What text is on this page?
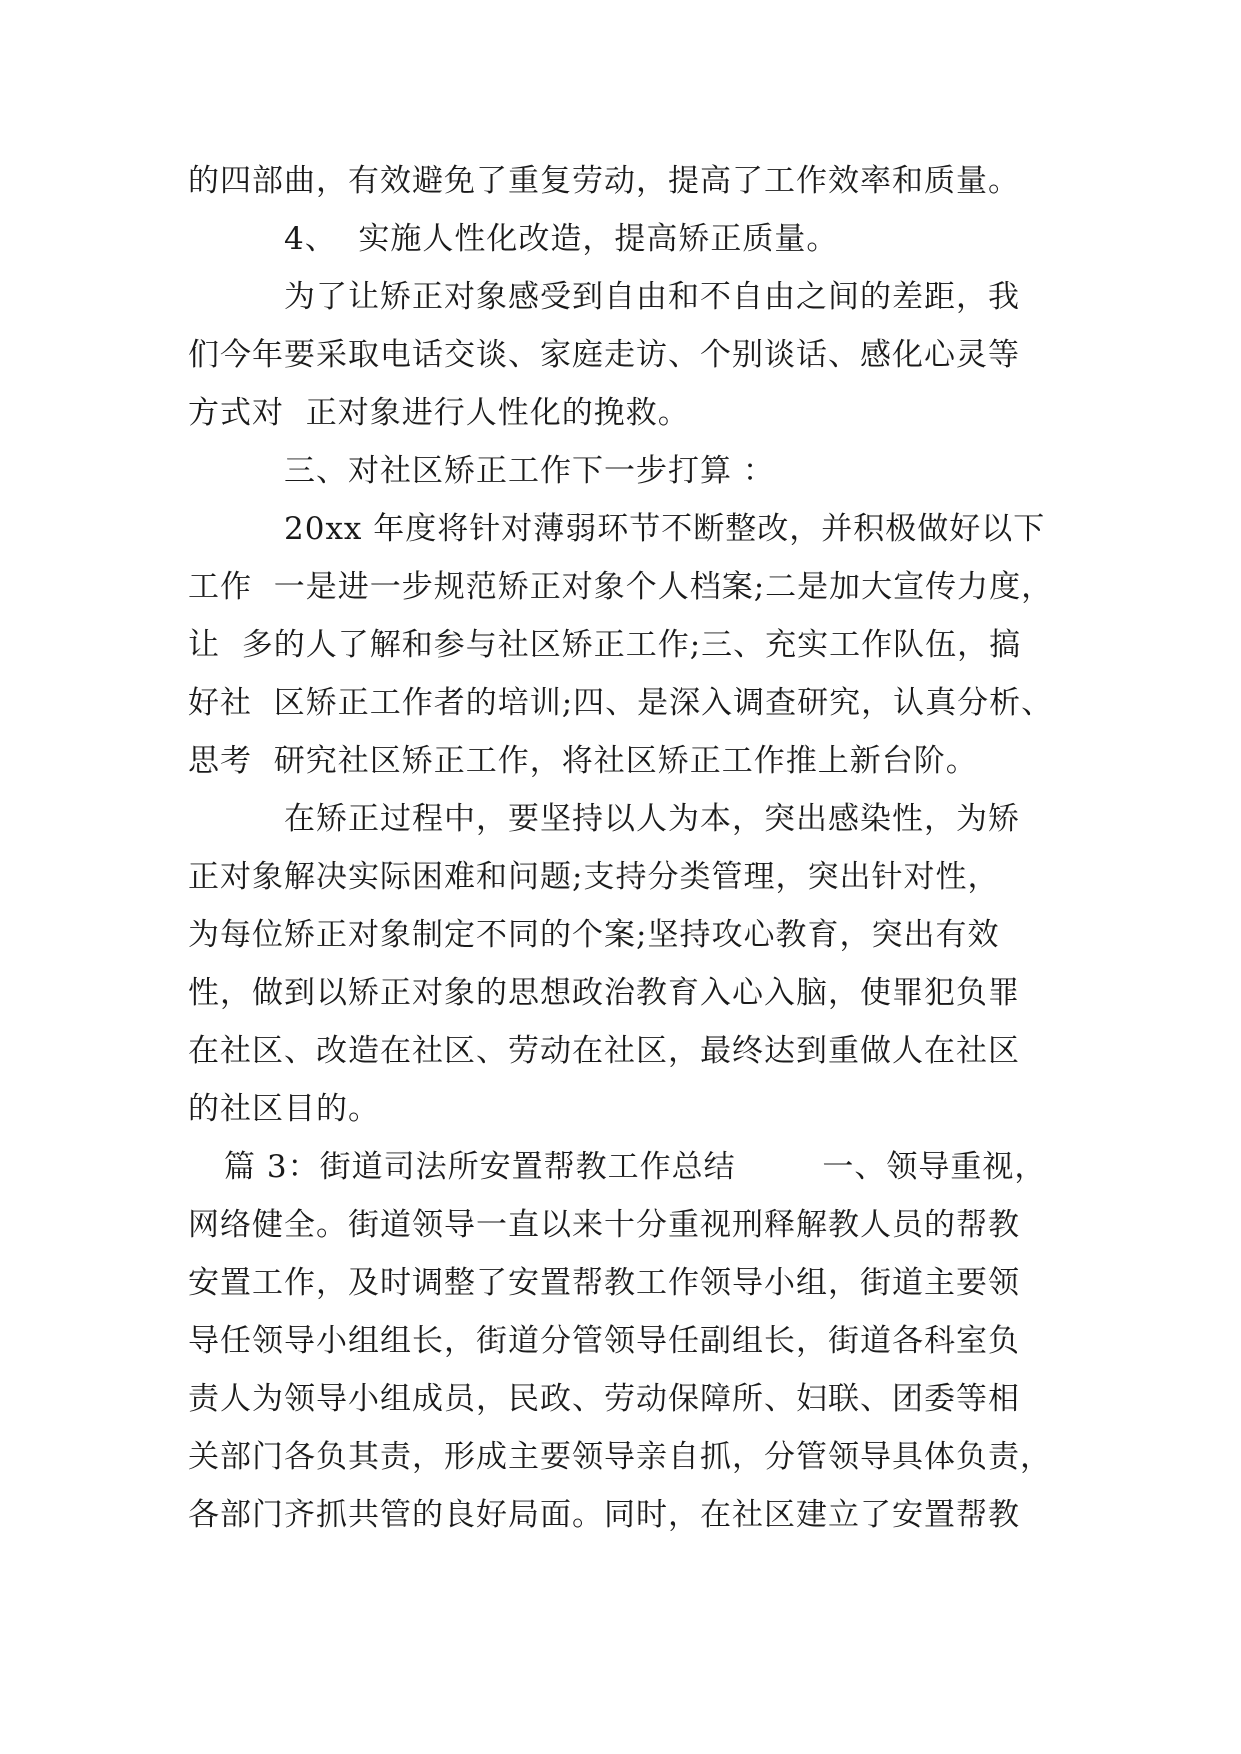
的四部曲，有效避免了重复劳动，提高了工作效率和质量。
4、  实施人性化改造，提高矫正质量。
为了让矫正对象感受到自由和不自由之间的差距，我
们今年要采取电话交谈、家庭走访、个别谈话、感化心灵等
方式对  正对象进行人性化的挽救。
三、对社区矫正工作下一步打算 ：
20xx 年度将针对薄弱环节不断整改，并积极做好以下
工作  一是进一步规范矫正对象个人档案;二是加大宣传力度，
让  多的人了解和参与社区矫正工作;三、充实工作队伍，搞
好社  区矫正工作者的培训;四、是深入调查研究，认真分析、
思考  研究社区矫正工作，将社区矫正工作推上新台阶。
在矫正过程中，要坚持以人为本，突出感染性，为矫
正对象解决实际困难和问题;支持分类管理，突出针对性，
为每位矫正对象制定不同的个案;坚持攻心教育，突出有效
性，做到以矫正对象的思想政治教育入心入脑，使罪犯负罪
在社区、改造在社区、劳动在社区，最终达到重做人在社区
的社区目的。
篇 3：街道司法所安置帮教工作总结        一、领导重视，
网络健全。街道领导一直以来十分重视刑释解教人员的帮教
安置工作，及时调整了安置帮教工作领导小组，街道主要领
导任领导小组组长，街道分管领导任副组长，街道各科室负
责人为领导小组成员，民政、劳动保障所、妇联、团委等相
关部门各负其责，形成主要领导亲自抓，分管领导具体负责，
各部门齐抓共管的良好局面。同时，在社区建立了安置帮教
